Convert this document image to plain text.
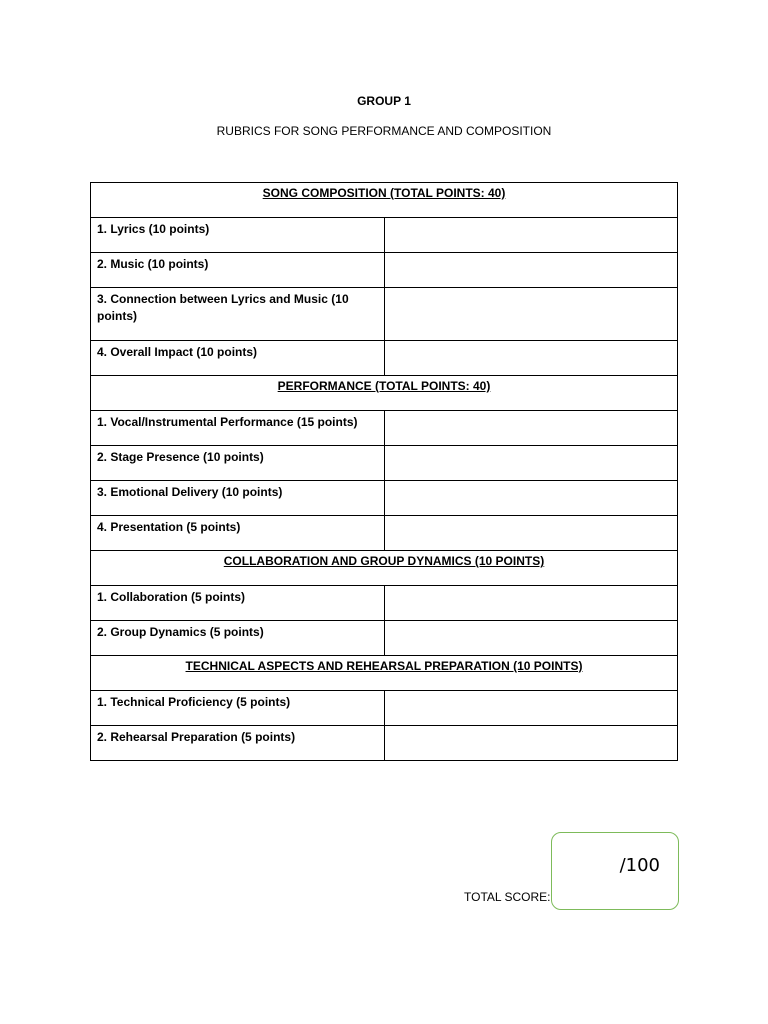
GROUP 1
RUBRICS FOR SONG PERFORMANCE AND COMPOSITION
SONG COMPOSITION (TOTAL POINTS: 40)	
1. Lyrics (10 points)	
2. Music (10 points)	
3. Connection between Lyrics and Music (10 points)	
4. Overall Impact (10 points)	
PERFORMANCE (TOTAL POINTS: 40)	
1. Vocal/Instrumental Performance (15 points)	
2. Stage Presence (10 points)	
3. Emotional Delivery (10 points)	
4. Presentation (5 points)	
COLLABORATION AND GROUP DYNAMICS (10 POINTS)	
1. Collaboration (5 points)	
2. Group Dynamics (5 points)	
TECHNICAL ASPECTS AND REHEARSAL PREPARATION (10 POINTS)	
1. Technical Proficiency (5 points)	
2. Rehearsal Preparation (5 points)	
TOTAL SCORE:
/100
